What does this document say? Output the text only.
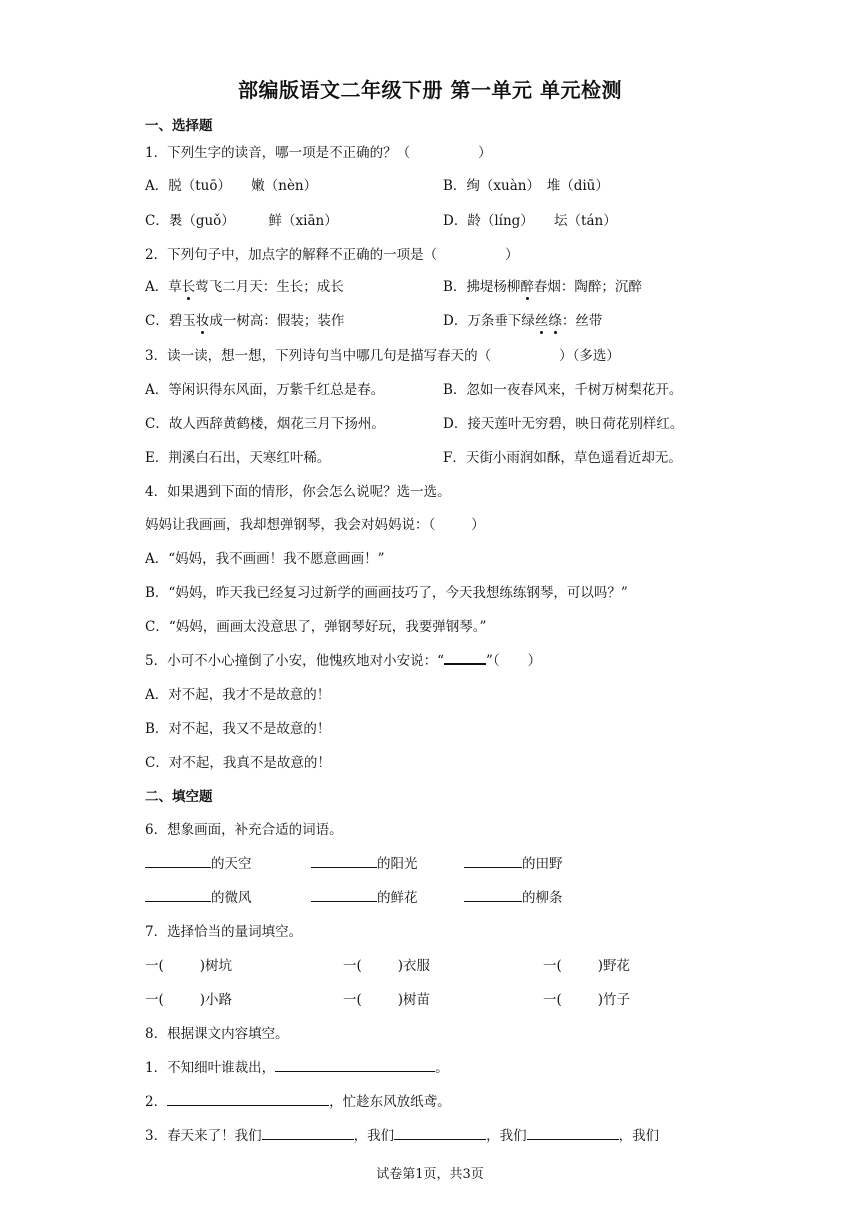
部编版语文二年级下册 第一单元 单元检测
一、选择题
1．下列生字的读音，哪一项是不正确的？（	）
A．脱（tuō）　　嫩（nèn）	B．绚（xuàn）　堆（diū）
C．褁（guǒ）　　　鲜（xiān）	D．龄（líng）　　坛（tán）
2．下列句子中，加点字的解释不正确的一项是（	）
A．草长莺飞二月天：生长；成长	B．拂堤杨柳醉春烟：陶醉；沉醉
C．碧玉妆成一树高：假装；装作	D．万条垂下绿丝绦：丝带
3．读一读，想一想，下列诗句当中哪几句是描写春天的（	）（多选）
A．等闲识得东风面，万紫千红总是春。	B．忽如一夜春风来，千树万树梨花开。
C．故人西辞黄鹤楼，烟花三月下扬州。	D．接天莲叶无穷碧，映日荷花别样红。
E．荆溪白石出，天寒红叶稀。	F．天街小雨润如酥，草色遥看近却无。
4．如果遇到下面的情形，你会怎么说呢？选一选。
妈妈让我画画，我却想弹钢琴，我会对妈妈说：（	）
A．“妈妈，我不画画！我不愿意画画！”
B．“妈妈，昨天我已经复习过新学的画画技巧了，今天我想练练钢琴，可以吗？”
C．“妈妈，画画太没意思了，弹钢琴好玩，我要弹钢琴。”
5．小可不小心撞倒了小安，他愧疚地对小安说：“	”（ ）
A．对不起，我才不是故意的！
B．对不起，我又不是故意的！
C．对不起，我真不是故意的！
二、填空题
6．想象画面，补充合适的词语。
的天空	的阳光	的田野
的微风	的鲜花	的柳条
7．选择恰当的量词填空。
一(	)树坑	一(	)衣服	一(	)野花
一(	)小路	一(	)树苗	一(	)竹子
8．根据课文内容填空。
1．不知细叶谁裁出，	。
2．	，忙趁东风放纸鸢。
3．春天来了！我们	，我们	，我们	，我们
试卷第1页，共3页
